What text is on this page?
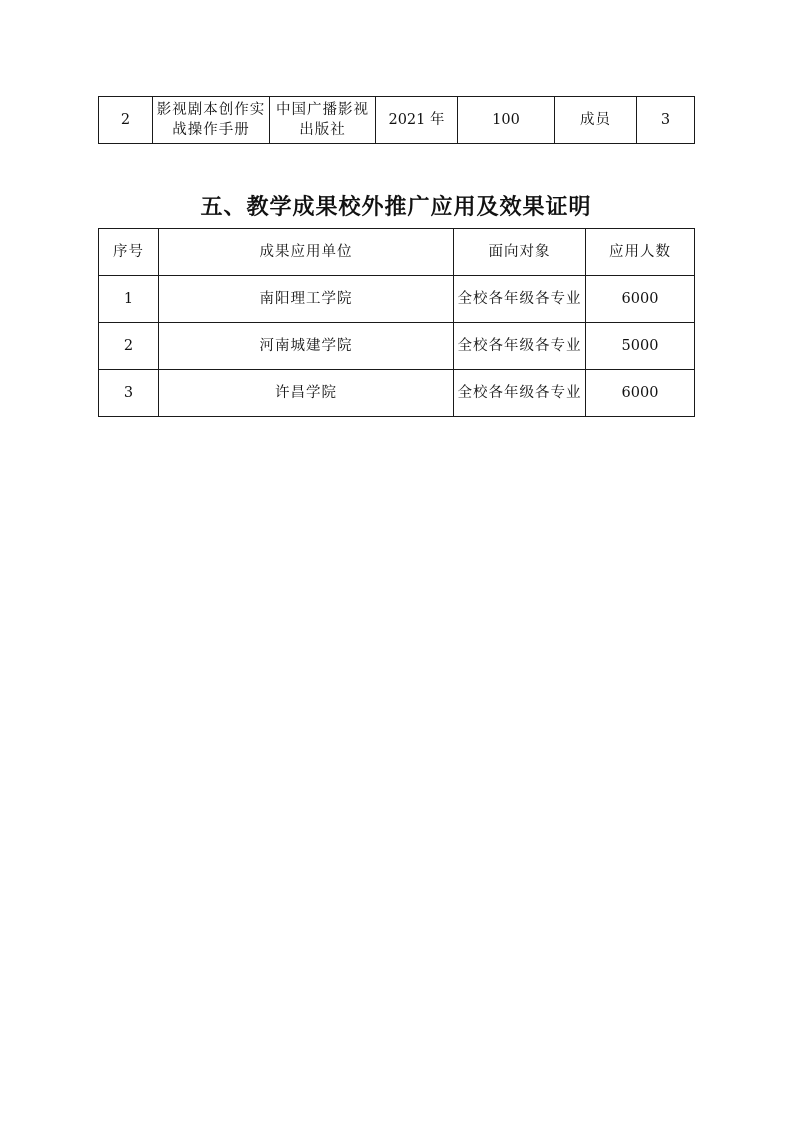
2	影视剧本创作实战操作手册	中国广播影视出版社	2021 年	100	成员	3
五、教学成果校外推广应用及效果证明
序号	成果应用单位	面向对象	应用人数
1	南阳理工学院	全校各年级各专业	6000
2	河南城建学院	全校各年级各专业	5000
3	许昌学院	全校各年级各专业	6000
